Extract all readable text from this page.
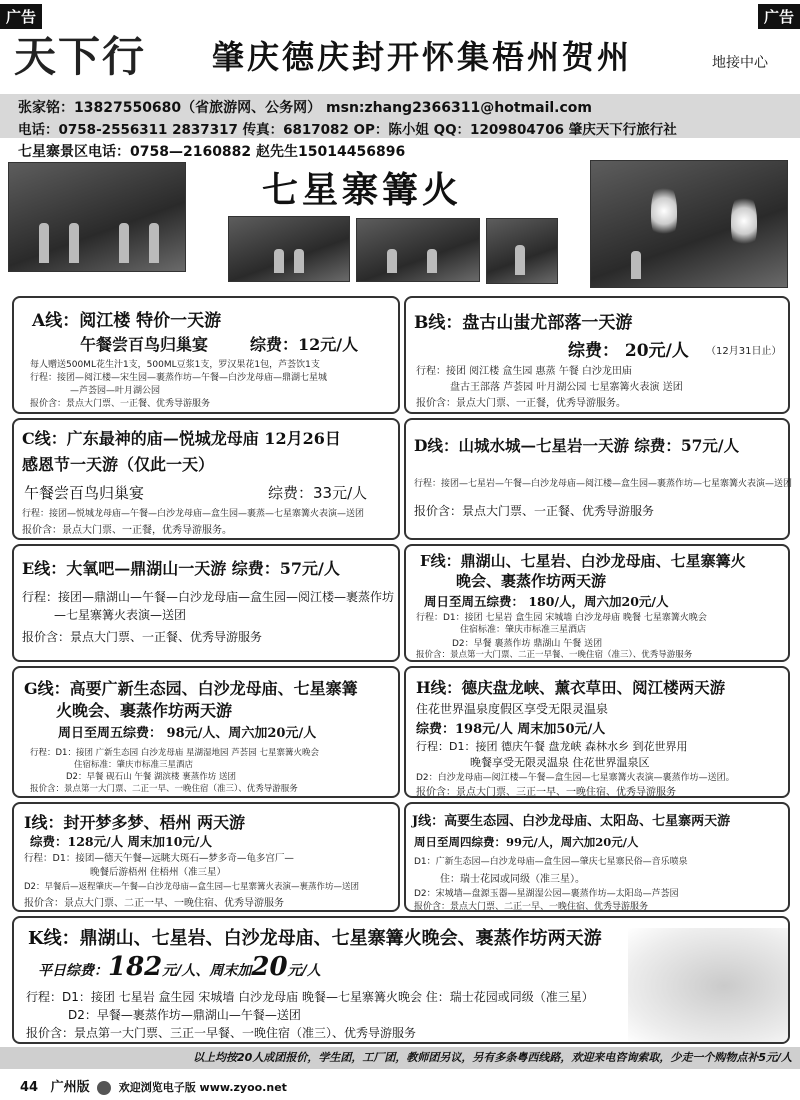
广告	广告
天下行 肇庆德庆封开怀集梧州贺州	地接中心
张家铭：13827550680（省旅游网、公务网） msn:zhang2366311@hotmail.com
电话：0758-2556311 2837317 传真：6817082 OP：陈小姐 QQ：1209804706 肇庆天下行旅行社
七星寨景区电话：0758—2160882 赵先生15014456896
七星寨篝火
A线：阅江楼 特价一天游
午餐尝百鸟归巢宴	综费：12元/人
每人赠送500ML花生汁1支，500ML豆浆1支，罗汉果花1包，芦荟饮1支
行程：接团—阅江楼—宋生园—裹蒸作坊—午餐—白沙龙母庙—鼎湖七星城
—芦荟园—叶月湖公园
报价含：景点大门票、一正餐、优秀导游服务
B线：盘古山蚩尤部落一天游
综费： 20元/人 （12月31日止）
行程：接团 阅江楼 盒生园 惠蒸 午餐 白沙龙田庙
盘古王部落 芦荟园 叶月湖公园 七星寨篝火表演 送团
报价含：景点大门票、一正餐，优秀导游服务。
C线：广东最神的庙—悦城龙母庙 12月26日
感恩节一天游（仅此一天）
午餐尝百鸟归巢宴	综费：33元/人
行程：接团—悦城龙母庙—午餐—白沙龙母庙—盒生园—裹蒸—七星寨篝火表演—送团
报价含：景点大门票、一正餐，优秀导游服务。
D线：山城水城—七星岩一天游 综费：57元/人
行程：接团—七星岩—午餐—白沙龙母庙—阅江楼—盒生园—裹蒸作坊—七星寨篝火表演—送团
报价含：景点大门票、一正餐、优秀导游服务
E线：大氧吧—鼎湖山一天游 综费：57元/人
行程：接团—鼎湖山—午餐—白沙龙母庙—盒生园—阅江楼—裹蒸作坊
—七星寨篝火表演—送团
报价含：景点大门票、一正餐、优秀导游服务
F线：鼎湖山、七星岩、白沙龙母庙、七星寨篝火
晚会、裹蒸作坊两天游
周日至周五综费： 180/人，周六加20元/人
行程：D1：接团 七星岩 盒生园 宋城墙 白沙龙母庙 晚餐 七星寨篝火晚会
住宿标准：肇庆市标准三星酒店
D2：早餐 裹蒸作坊 鼎湖山 午餐 送团
报价含：景点第一大门票、二正一早餐、一晚住宿（准三）、优秀导游服务
G线：高要广新生态园、白沙龙母庙、七星寨篝
火晚会、裹蒸作坊两天游
周日至周五综费： 98元/人、周六加20元/人
行程：D1：接团 广新生态园 白沙龙母庙 星湖湿地园 芦荟园 七星寨篝火晚会
住宿标准：肇庆市标准三星酒店
D2：早餐 砚石山 午餐 湖滨楼 裹蒸作坊 送团
报价含：景点第一大门票、二正一早、一晚住宿（准三）、优秀导游服务
H线：德庆盘龙峡、薰衣草田、阅江楼两天游
住花世界温泉度假区享受无限灵温泉
综费：198元/人 周末加50元/人
行程：D1：接团 德庆午餐 盘龙峡 森林水乡 到花世界用
晚餐享受无限灵温泉 住花世界温泉区
D2：白沙龙母庙—阅江楼—午餐—盒生园—七星寨篝火表演—裹蒸作坊—送团。
报价含：景点大门票、三正一早、一晚住宿、优秀导游服务
I线：封开梦多梦、梧州 两天游
综费：128元/人 周末加10元/人
行程：D1：接团—德天午餐—远眺大斑石—梦多奇—龟多宫厂—
晚餐后游梧州 住梧州（准三星）
D2：早餐后—返程肇庆—午餐—白沙龙母庙—盒生园—七星寨篝火表演—裹蒸作坊—送团
报价含：景点大门票、二正一早、一晚住宿、优秀导游服务
J线：高要生态园、白沙龙母庙、太阳岛、七星寨两天游
周日至周四综费：99元/人，周六加20元/人
D1：广新生态园—白沙龙母庙—盒生园—肇庆七星寨民俗—音乐喷泉
住：瑞士花园或同级（准三星）。
D2：宋城墙—盘源玉器—星湖湿公园—裹蒸作坊—太阳岛—芦荟园
报价含：景点大门票、二正一早、一晚住宿、优秀导游服务
K线：鼎湖山、七星岩、白沙龙母庙、七星寨篝火晚会、裹蒸作坊两天游
平日综费：182元/人、周末加20元/人
行程：D1：接团 七星岩 盒生园 宋城墙 白沙龙母庙 晚餐—七星寨篝火晚会 住：瑞士花园或同级（准三星）
D2：早餐—裹蒸作坊—鼎湖山—午餐—送团
报价含：景点第一大门票、三正一早餐、一晚住宿（准三）、优秀导游服务
以上均按20人成团报价，学生团，工厂团，教师团另议，另有多条粤西线路，欢迎来电咨询索取，少走一个购物点补5元/人
44 广州版	欢迎浏览电子版 www.zyoo.net
